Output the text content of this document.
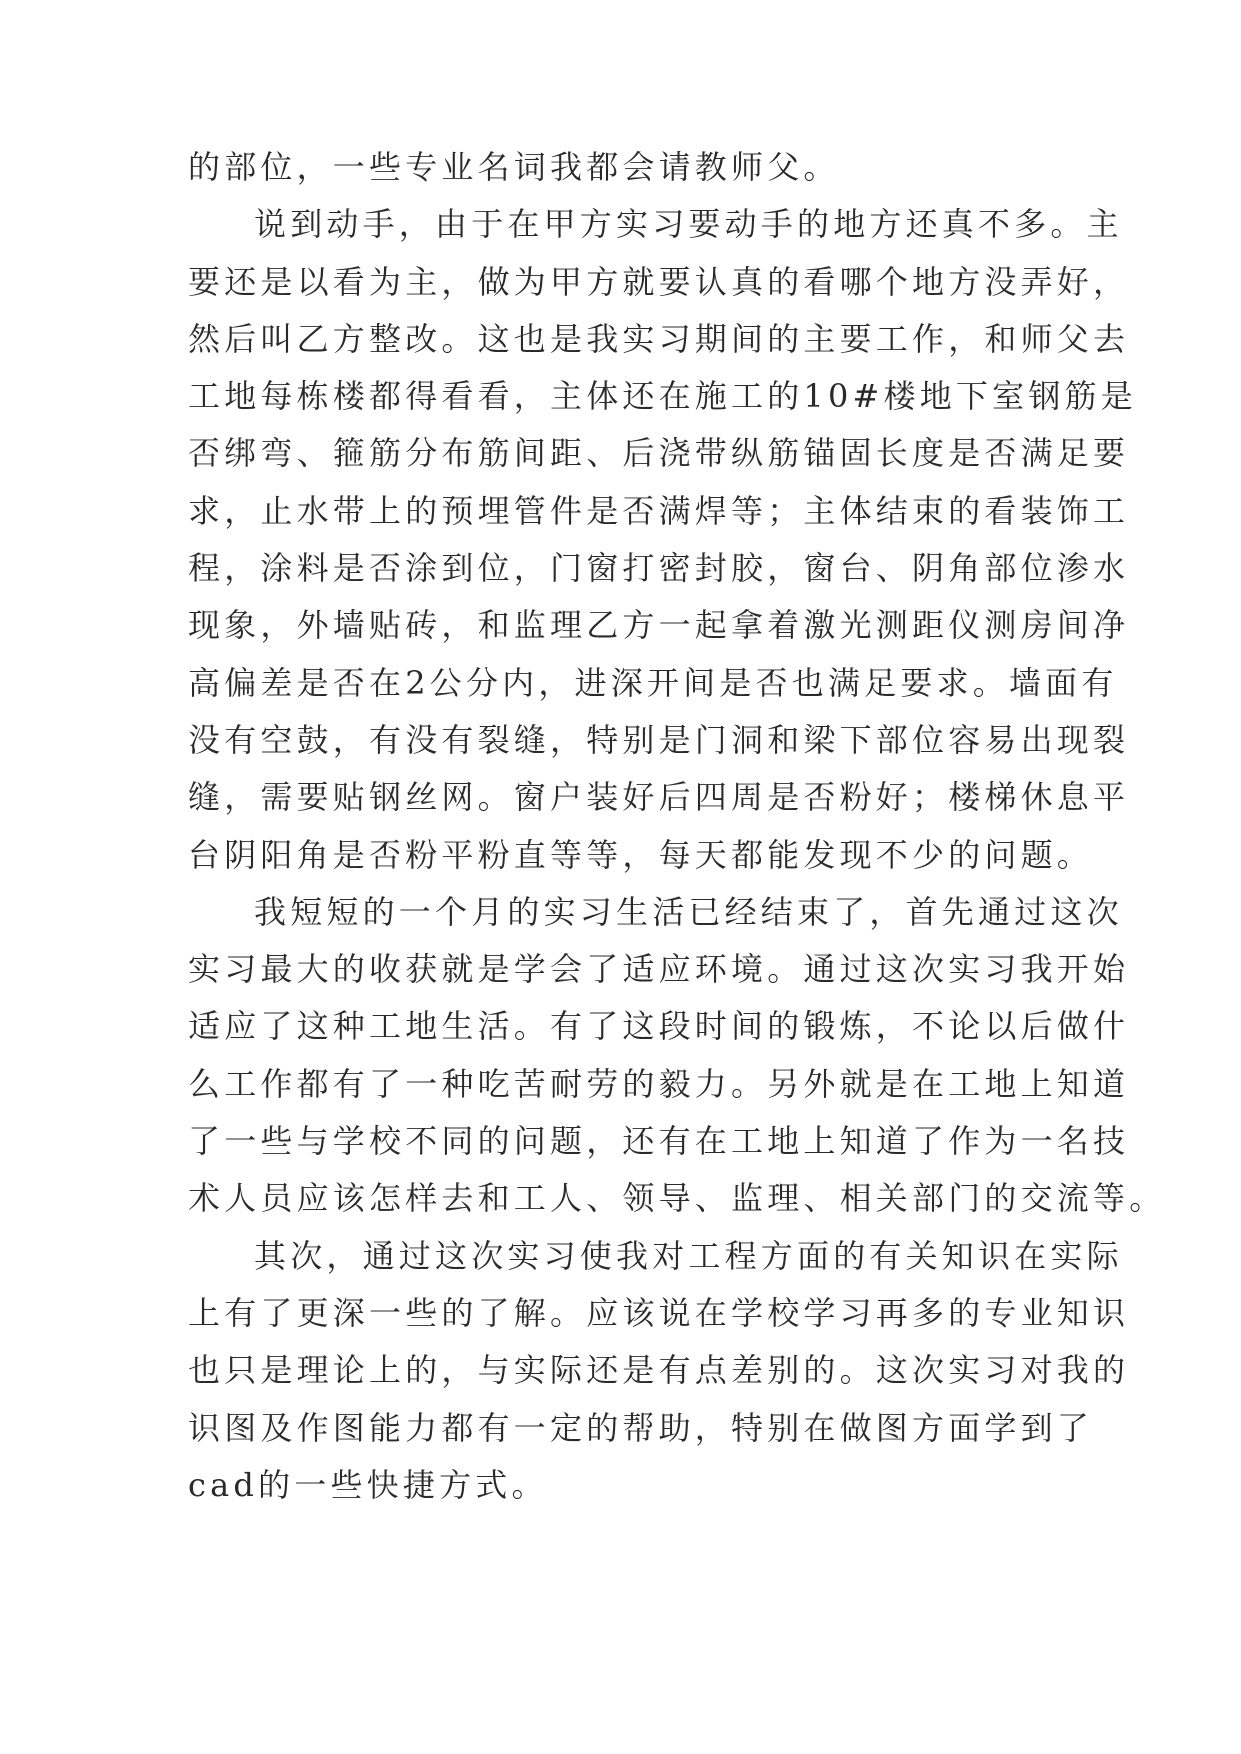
的部位，一些专业名词我都会请教师父。
说到动手，由于在甲方实习要动手的地方还真不多。主
要还是以看为主，做为甲方就要认真的看哪个地方没弄好，
然后叫乙方整改。这也是我实习期间的主要工作，和师父去
工地每栋楼都得看看，主体还在施工的10#楼地下室钢筋是
否绑弯、箍筋分布筋间距、后浇带纵筋锚固长度是否满足要
求，止水带上的预埋管件是否满焊等；主体结束的看装饰工
程，涂料是否涂到位，门窗打密封胶，窗台、阴角部位渗水
现象，外墙贴砖，和监理乙方一起拿着激光测距仪测房间净
高偏差是否在2公分内，进深开间是否也满足要求。墙面有
没有空鼓，有没有裂缝，特别是门洞和梁下部位容易出现裂
缝，需要贴钢丝网。窗户装好后四周是否粉好；楼梯休息平
台阴阳角是否粉平粉直等等，每天都能发现不少的问题。
我短短的一个月的实习生活已经结束了，首先通过这次
实习最大的收获就是学会了适应环境。通过这次实习我开始
适应了这种工地生活。有了这段时间的锻炼，不论以后做什
么工作都有了一种吃苦耐劳的毅力。另外就是在工地上知道
了一些与学校不同的问题，还有在工地上知道了作为一名技
术人员应该怎样去和工人、领导、监理、相关部门的交流等。
其次，通过这次实习使我对工程方面的有关知识在实际
上有了更深一些的了解。应该说在学校学习再多的专业知识
也只是理论上的，与实际还是有点差别的。这次实习对我的
识图及作图能力都有一定的帮助，特别在做图方面学到了
cad的一些快捷方式。
